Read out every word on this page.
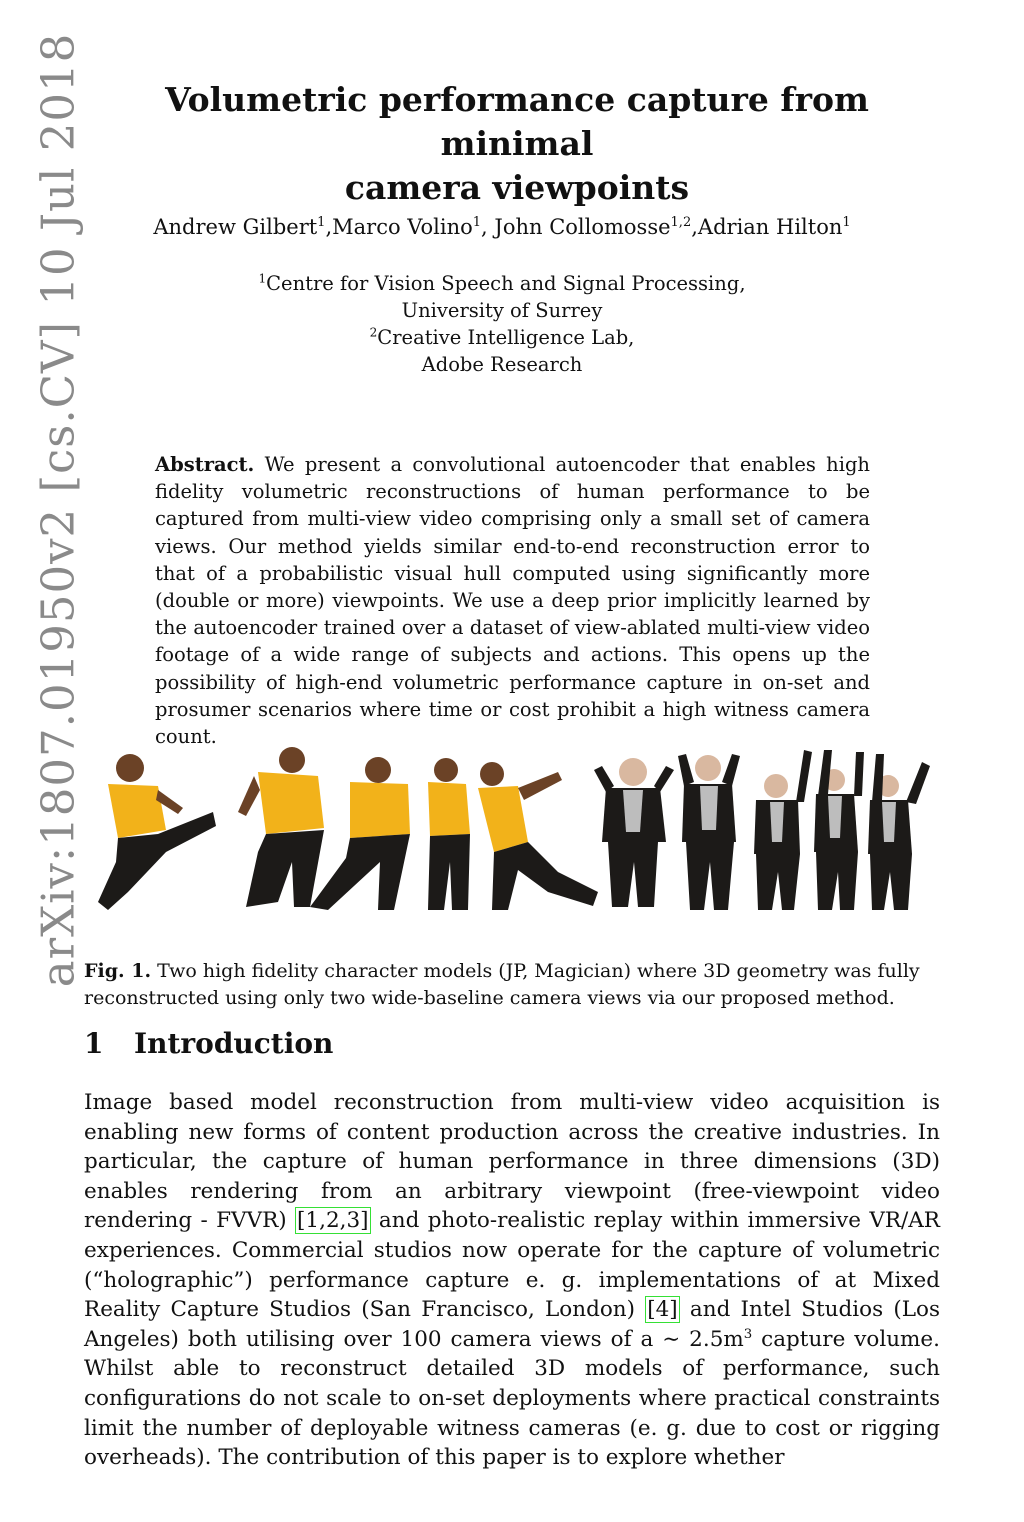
arXiv:1807.01950v2 [cs.CV] 10 Jul 2018	Volumetric performance capture from minimal
camera viewpoints
Andrew Gilbert$^1$,Marco Volino$^1$, John Collomosse$^{1,2}$,Adrian Hilton$^1$
$^1$Centre for Vision Speech and Signal Processing,
University of Surrey
$^2$Creative Intelligence Lab,
Adobe Research
Abstract. We present a convolutional autoencoder that enables high fidelity volumetric reconstructions of human performance to be captured from multi-view video comprising only a small set of camera views. Our method yields similar end-to-end reconstruction error to that of a probabilistic visual hull computed using significantly more (double or more) viewpoints. We use a deep prior implicitly learned by the autoencoder trained over a dataset of view-ablated multi-view video footage of a wide range of subjects and actions. This opens up the possibility of high-end volumetric performance capture in on-set and prosumer scenarios where time or cost prohibit a high witness camera count.
Fig. 1. Two high fidelity character models (JP, Magician) where 3D geometry was fully reconstructed using only two wide-baseline camera views via our proposed method.
1 Introduction
Image based model reconstruction from multi-view video acquisition is enabling new forms of content production across the creative industries. In particular, the capture of human performance in three dimensions (3D) enables rendering from an arbitrary viewpoint (free-viewpoint video rendering - FVVR) [1,2,3] and photo-realistic replay within immersive VR/AR experiences. Commercial studios now operate for the capture of volumetric (“holographic”) performance capture e. g. implementations of at Mixed Reality Capture Studios (San Francisco, London) [4] and Intel Studios (Los Angeles) both utilising over 100 camera views of a ∼ $2.5m^3$ capture volume. Whilst able to reconstruct detailed 3D models of performance, such configurations do not scale to on-set deployments where practical constraints limit the number of deployable witness cameras (e. g. due to cost or rigging overheads). The contribution of this paper is to explore whether
